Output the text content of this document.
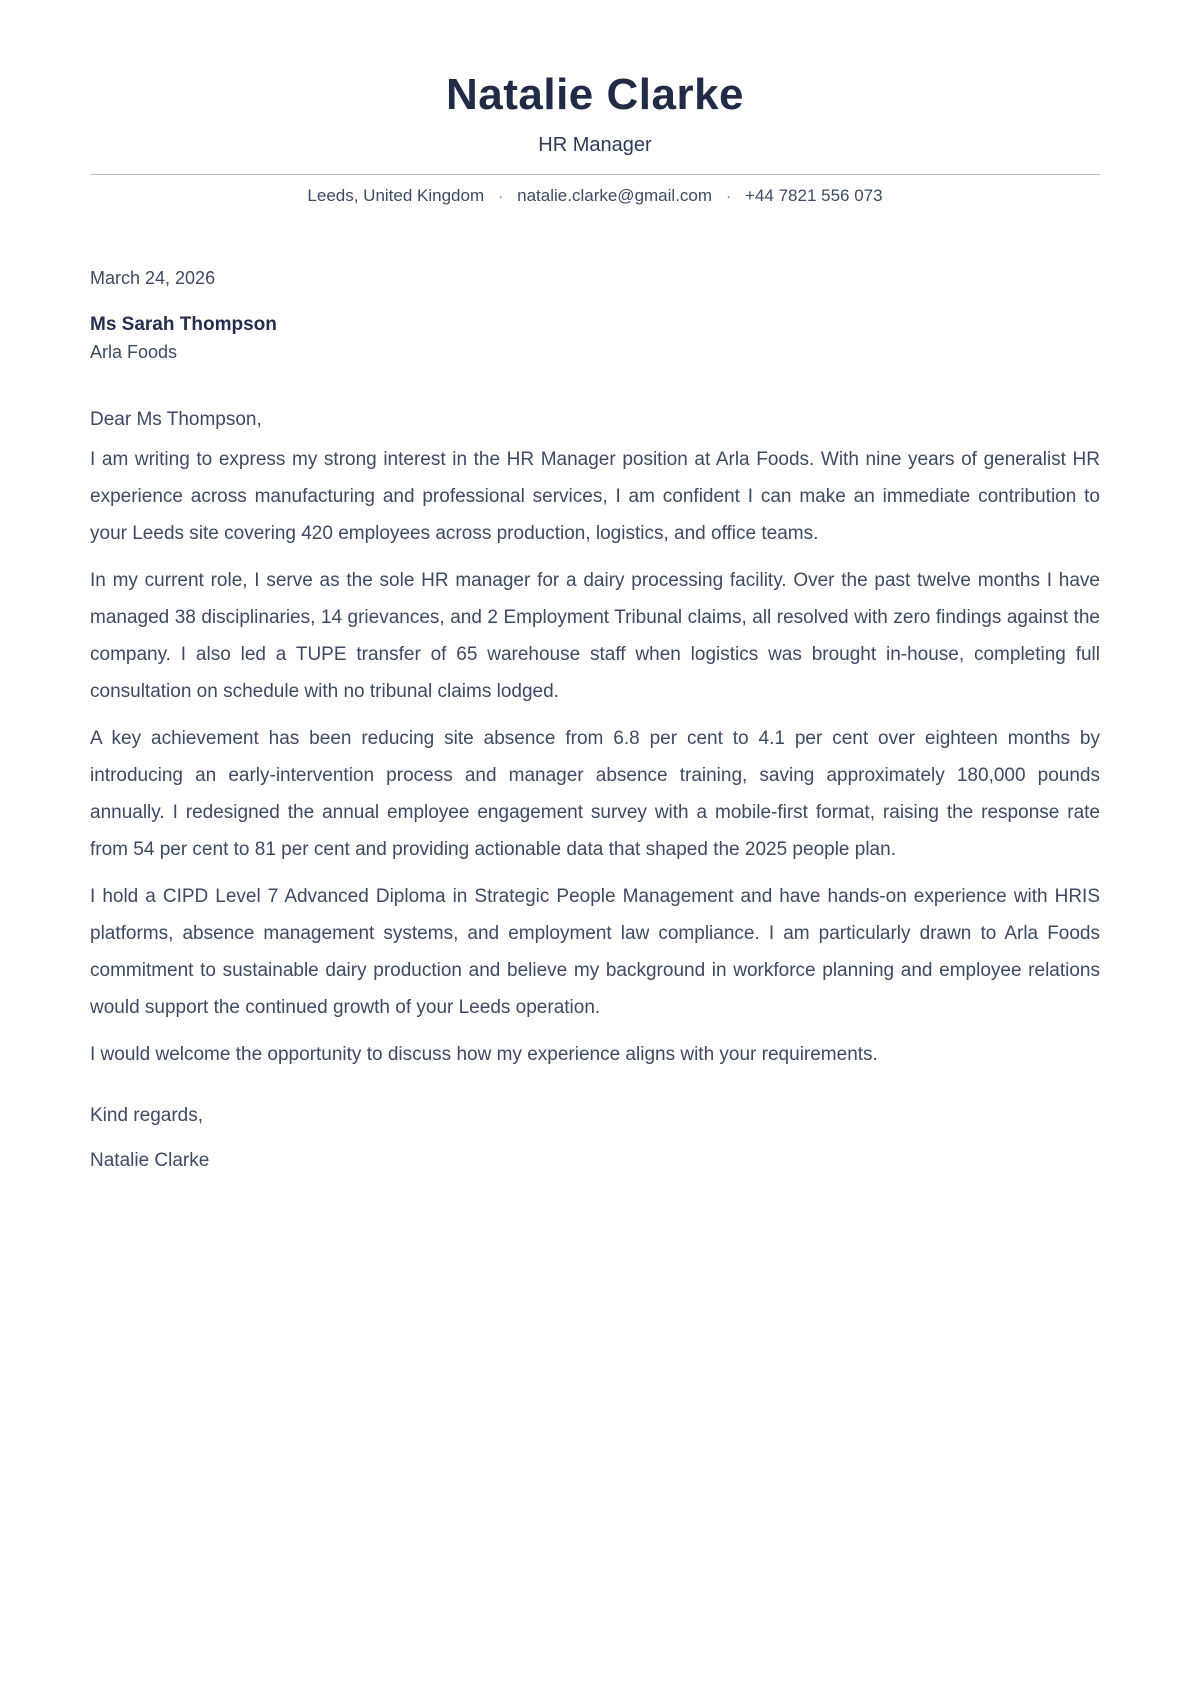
Natalie Clarke
HR Manager
Leeds, United Kingdom · natalie.clarke@gmail.com · +44 7821 556 073
March 24, 2026
Ms Sarah Thompson
Arla Foods
Dear Ms Thompson,

I am writing to express my strong interest in the HR Manager position at Arla Foods. With nine years of generalist HR experience across manufacturing and professional services, I am confident I can make an immediate contribution to your Leeds site covering 420 employees across production, logistics, and office teams.

In my current role, I serve as the sole HR manager for a dairy processing facility. Over the past twelve months I have managed 38 disciplinaries, 14 grievances, and 2 Employment Tribunal claims, all resolved with zero findings against the company. I also led a TUPE transfer of 65 warehouse staff when logistics was brought in-house, completing full consultation on schedule with no tribunal claims lodged.

A key achievement has been reducing site absence from 6.8 per cent to 4.1 per cent over eighteen months by introducing an early-intervention process and manager absence training, saving approximately 180,000 pounds annually. I redesigned the annual employee engagement survey with a mobile-first format, raising the response rate from 54 per cent to 81 per cent and providing actionable data that shaped the 2025 people plan.

I hold a CIPD Level 7 Advanced Diploma in Strategic People Management and have hands-on experience with HRIS platforms, absence management systems, and employment law compliance. I am particularly drawn to Arla Foods commitment to sustainable dairy production and believe my background in workforce planning and employee relations would support the continued growth of your Leeds operation.

I would welcome the opportunity to discuss how my experience aligns with your requirements.

Kind regards,
Natalie Clarke
